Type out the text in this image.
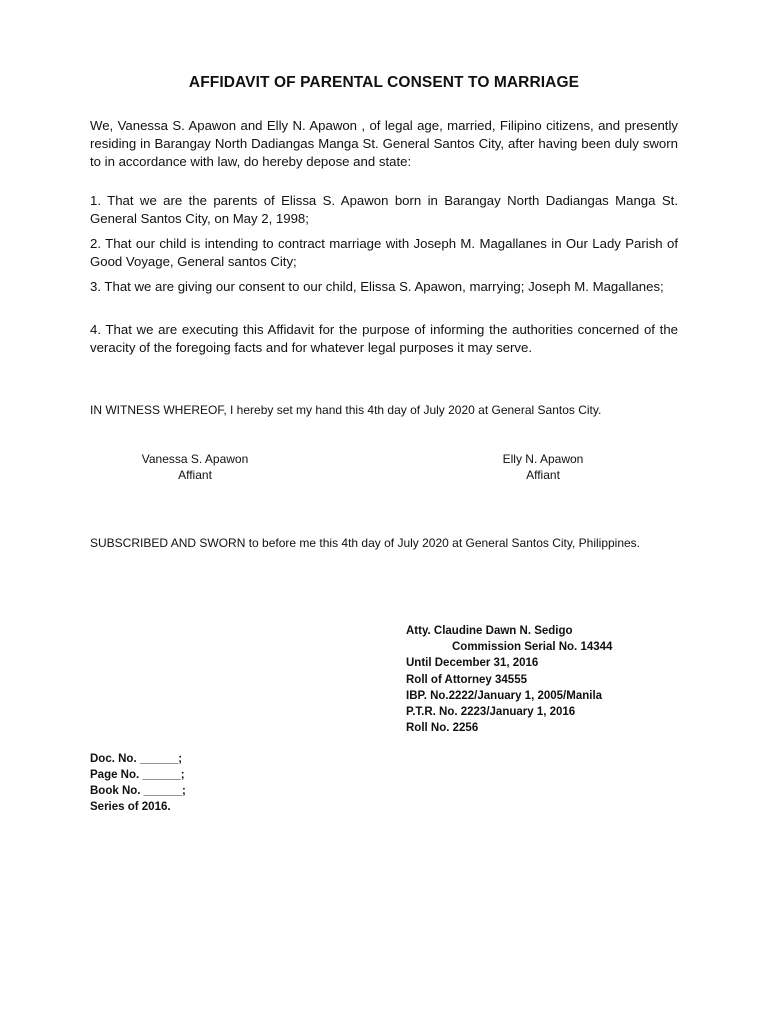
AFFIDAVIT OF PARENTAL CONSENT TO MARRIAGE
We, Vanessa S. Apawon and Elly N. Apawon , of legal age, married, Filipino citizens, and presently residing in Barangay North Dadiangas Manga St. General Santos City, after having been duly sworn to in accordance with law, do hereby depose and state:
1. That we are the parents of Elissa S. Apawon born in Barangay North Dadiangas Manga St. General Santos City, on May 2, 1998;
2. That our child is intending to contract marriage with Joseph M. Magallanes in Our Lady Parish of Good Voyage, General santos City;
3. That we are giving our consent to our child, Elissa S. Apawon, marrying; Joseph M. Magallanes;
4. That we are executing this Affidavit for the purpose of informing the authorities concerned of the veracity of the foregoing facts and for whatever legal purposes it may serve.
IN WITNESS WHEREOF, I hereby set my hand this 4th day of July 2020 at General Santos City.
Vanessa S. Apawon
Affiant
Elly N. Apawon
Affiant
SUBSCRIBED AND SWORN to before me this 4th day of July 2020 at General Santos City, Philippines.
Atty. Claudine Dawn N. Sedigo
Commission Serial No. 14344
Until December 31, 2016
Roll of Attorney 34555
IBP. No.2222/January 1, 2005/Manila
P.T.R. No. 2223/January 1, 2016
Roll No. 2256
Doc. No. ______;
Page No. ______;
Book No. ______;
Series of 2016.
